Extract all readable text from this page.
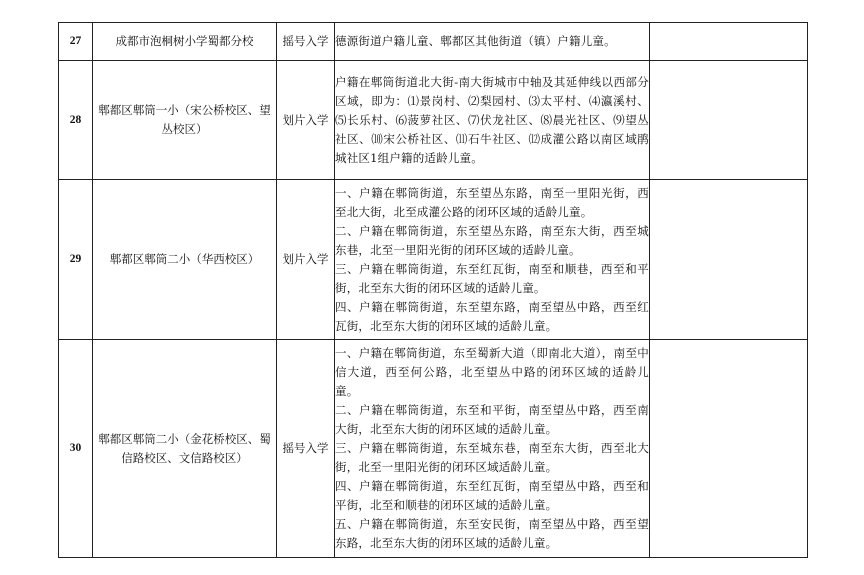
27	成都市泡桐树小学蜀都分校	摇号入学	德源街道户籍儿童、郫都区其他街道（镇）户籍儿童。	

28	郫都区郫筒一小（宋公桥校区、望丛校区）	划片入学	户籍在郫筒街道北大街-南大街城市中轴及其延伸线以西部分区域，即为：⑴景岗村、⑵梨园村、⑶太平村、⑷瀛溪村、⑸长乐村、⑹菠萝社区、⑺伏龙社区、⑻晨光社区、⑼望丛社区、⑽宋公桥社区、⑾石牛社区、⑿成灌公路以南区域鹃城社区1组户籍的适龄儿童。	

29	郫都区郫筒二小（华西校区）	划片入学	一、户籍在郫筒街道，东至望丛东路，南至一里阳光街，西至北大街，北至成灌公路的闭环区域的适龄儿童。
二、户籍在郫筒街道，东至望丛东路，南至东大街，西至城东巷，北至一里阳光街的闭环区域的适龄儿童。
三、户籍在郫筒街道，东至红瓦街，南至和顺巷，西至和平街，北至东大街的闭环区域的适龄儿童。
四、户籍在郫筒街道，东至望东路，南至望丛中路，西至红瓦街，北至东大街的闭环区域的适龄儿童。	

30	郫都区郫筒二小（金花桥校区、蜀信路校区、文信路校区）	摇号入学	一、户籍在郫筒街道，东至蜀新大道（即南北大道），南至中信大道，西至何公路，北至望丛中路的闭环区域的适龄儿童。
二、户籍在郫筒街道，东至和平街，南至望丛中路，西至南大街，北至东大街的闭环区域的适龄儿童。
三、户籍在郫筒街道，东至城东巷，南至东大街，西至北大街，北至一里阳光街的闭环区域适龄儿童。
四、户籍在郫筒街道，东至红瓦街，南至望丛中路，西至和平街，北至和顺巷的闭环区域的适龄儿童。
五、户籍在郫筒街道，东至安民街，南至望丛中路，西至望东路，北至东大街的闭环区域的适龄儿童。	
